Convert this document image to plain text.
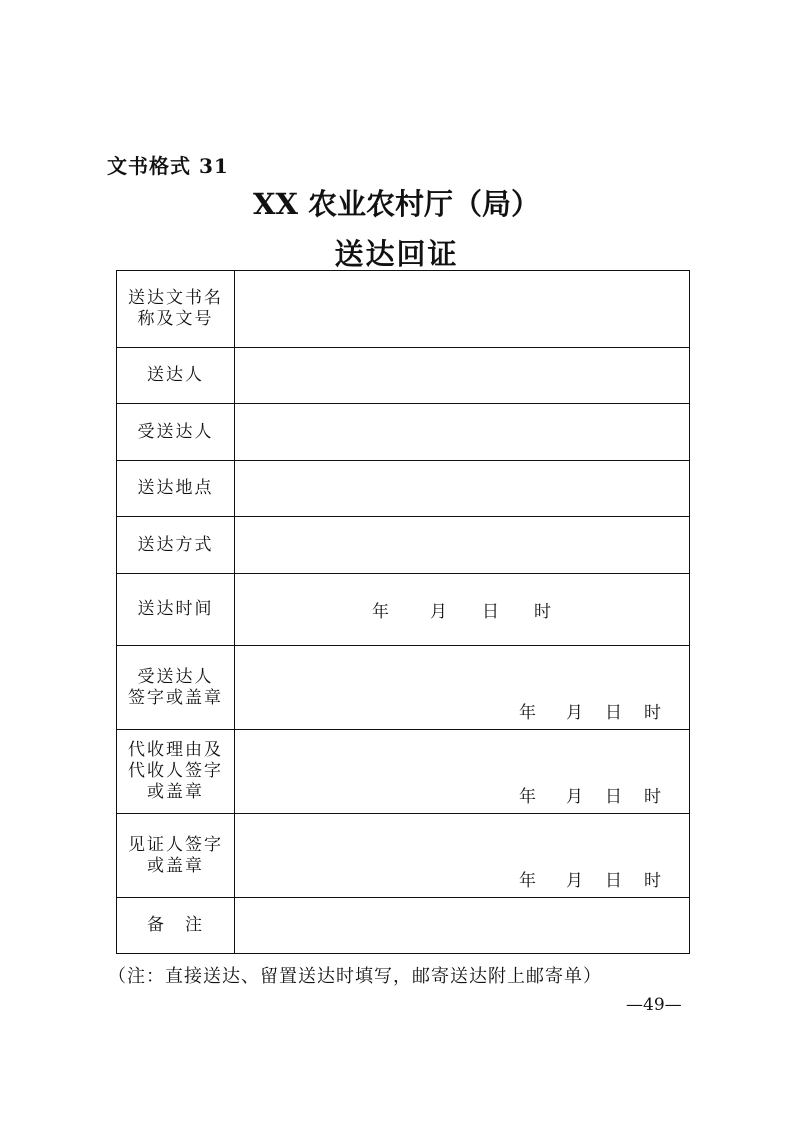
文书格式 31
XX 农业农村厅（局）
送达回证
送达文书名
称及文号	
送达人	
受送达人	
送达地点	
送达方式	
送达时间	年 月 日 时

受送达人
签字或盖章	年 月 日 时

代收理由及
代收人签字
或盖章	年 月 日 时

见证人签字
或盖章	年 月 日 时

备　注	
（注：直接送达、留置送达时填写，邮寄送达附上邮寄单）
—49—
